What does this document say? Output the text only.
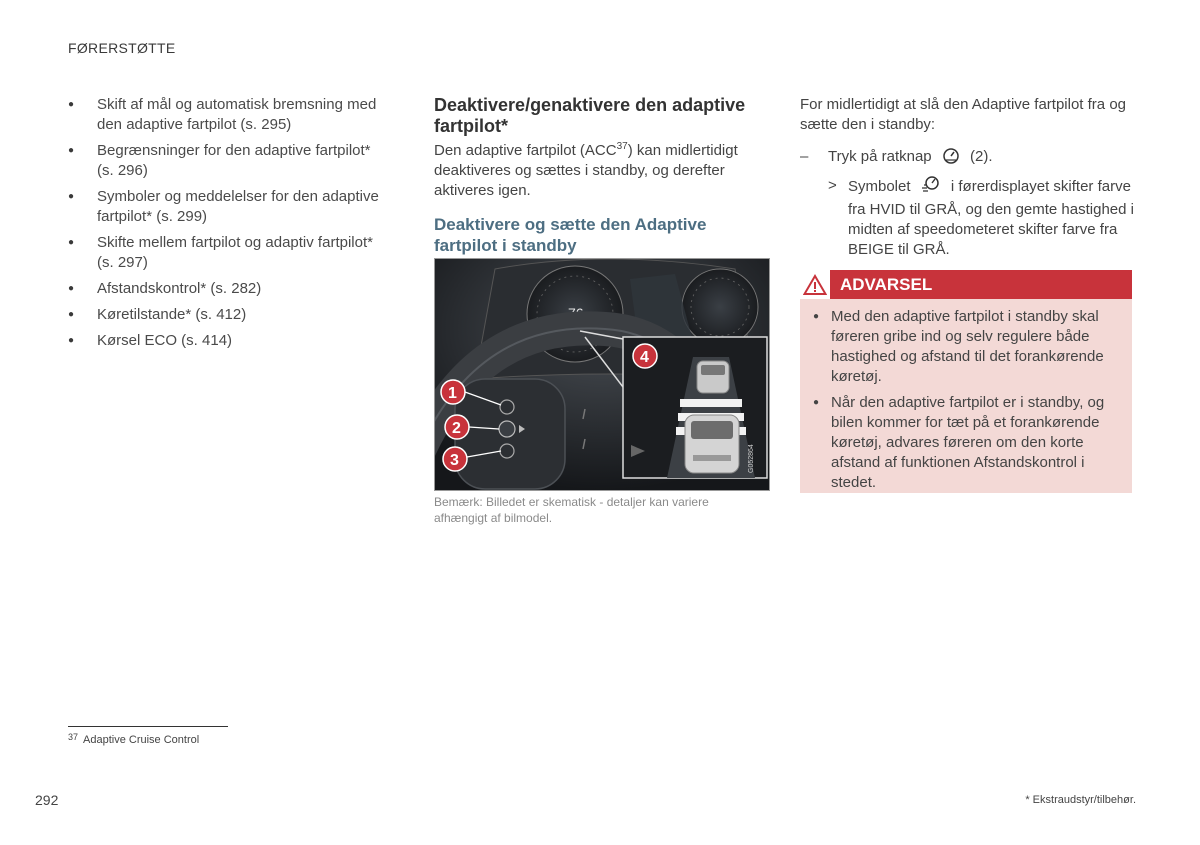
FØRERSTØTTE
● Skift af mål og automatisk bremsning med den adaptive fartpilot (s. 295)
● Begrænsninger for den adaptive fartpilot* (s. 296)
● Symboler og meddelelser for den adaptive fartpilot* (s. 299)
● Skifte mellem fartpilot og adaptiv fartpilot* (s. 297)
● Afstandskontrol* (s. 282)
● Køretilstande* (s. 412)
● Kørsel ECO (s. 414)
Deaktivere/genaktivere den adaptive fartpilot*

Den adaptive fartpilot (ACC$^{37}$) kan midlertidigt deaktiveres og sættes i standby, og derefter aktiveres igen.

Deaktivere og sætte den Adaptive fartpilot i standby
76
G052864
1
2
3
4
Bemærk: Billedet er skematisk - detaljer kan variere afhængigt af bilmodel.
For midlertidigt at slå den Adaptive fartpilot fra og sætte den i standby:
– Tryk på ratknap	(2).
> Symbolet	i førerdisplayet skifter farve fra HVID til GRÅ, og den gemte hastighed i midten af speedometeret skifter farve fra BEIGE til GRÅ.
ADVARSEL
● Med den adaptive fartpilot i standby skal føreren gribe ind og selv regulere både hastighed og afstand til det forankørende køretøj.
● Når den adaptive fartpilot er i standby, og bilen kommer for tæt på et forankørende køretøj, advares føreren om den korte afstand af funktionen Afstandskontrol i stedet.
$^{37}$ Adaptive Cruise Control
292	* Ekstraudstyr/tilbehør.
